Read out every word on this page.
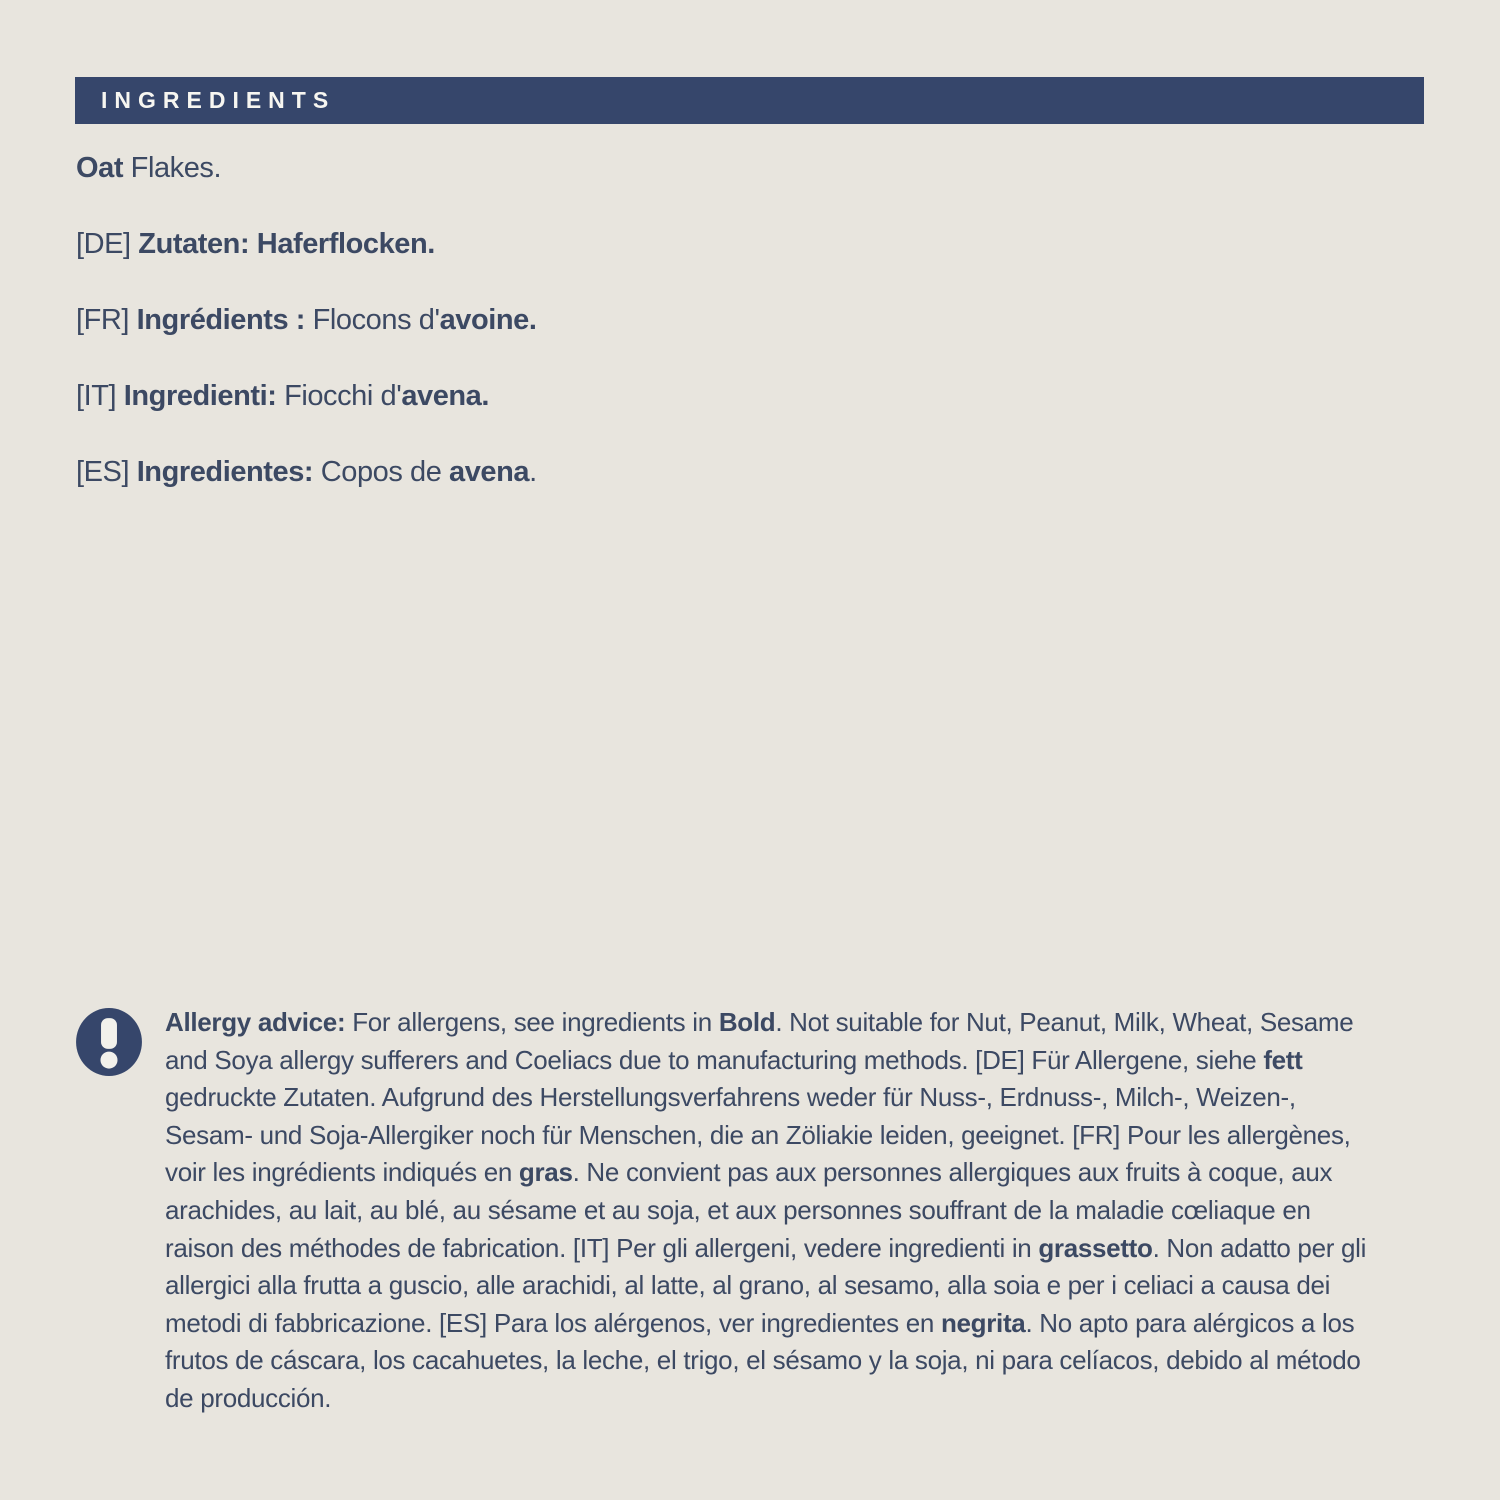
INGREDIENTS

Oat Flakes.

[DE] Zutaten: Haferflocken.

[FR] Ingrédients : Flocons d'avoine.

[IT] Ingredienti: Fiocchi d'avena.

[ES] Ingredientes: Copos de avena.

Allergy advice: For allergens, see ingredients in Bold. Not suitable for Nut, Peanut, Milk, Wheat, Sesame and Soya allergy sufferers and Coeliacs due to manufacturing methods. [DE] Für Allergene, siehe fett gedruckte Zutaten. Aufgrund des Herstellungsverfahrens weder für Nuss-, Erdnuss-, Milch-, Weizen-, Sesam- und Soja-Allergiker noch für Menschen, die an Zöliakie leiden, geeignet. [FR] Pour les allergènes, voir les ingrédients indiqués en gras. Ne convient pas aux personnes allergiques aux fruits à coque, aux arachides, au lait, au blé, au sésame et au soja, et aux personnes souffrant de la maladie cœliaque en raison des méthodes de fabrication. [IT] Per gli allergeni, vedere ingredienti in grassetto. Non adatto per gli allergici alla frutta a guscio, alle arachidi, al latte, al grano, al sesamo, alla soia e per i celiaci a causa dei metodi di fabbricazione. [ES] Para los alérgenos, ver ingredientes en negrita. No apto para alérgicos a los frutos de cáscara, los cacahuetes, la leche, el trigo, el sésamo y la soja, ni para celíacos, debido al método de producción.
